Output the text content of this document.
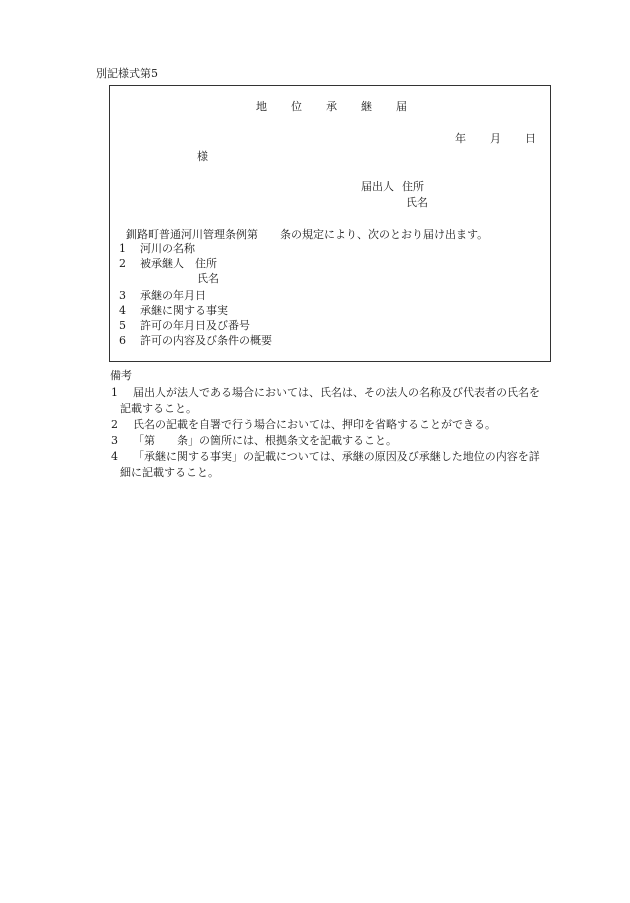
別記様式第5
地 位 承 継 届
年 月 日
様
届出人 住所
氏名
釧路町普通河川管理条例第　　条の規定により、次のとおり届け出ます。
1 河川の名称
2 被承継人　住所
氏名
3 承継の年月日
4 承継に関する事実
5 許可の年月日及び番号
6 許可の内容及び条件の概要
備考
1 届出人が法人である場合においては、氏名は、その法人の名称及び代表者の氏名を
記載すること。
2 氏名の記載を自署で行う場合においては、押印を省略することができる。
3 「第　　条」の箇所には、根拠条文を記載すること。
4 「承継に関する事実」の記載については、承継の原因及び承継した地位の内容を詳
細に記載すること。
